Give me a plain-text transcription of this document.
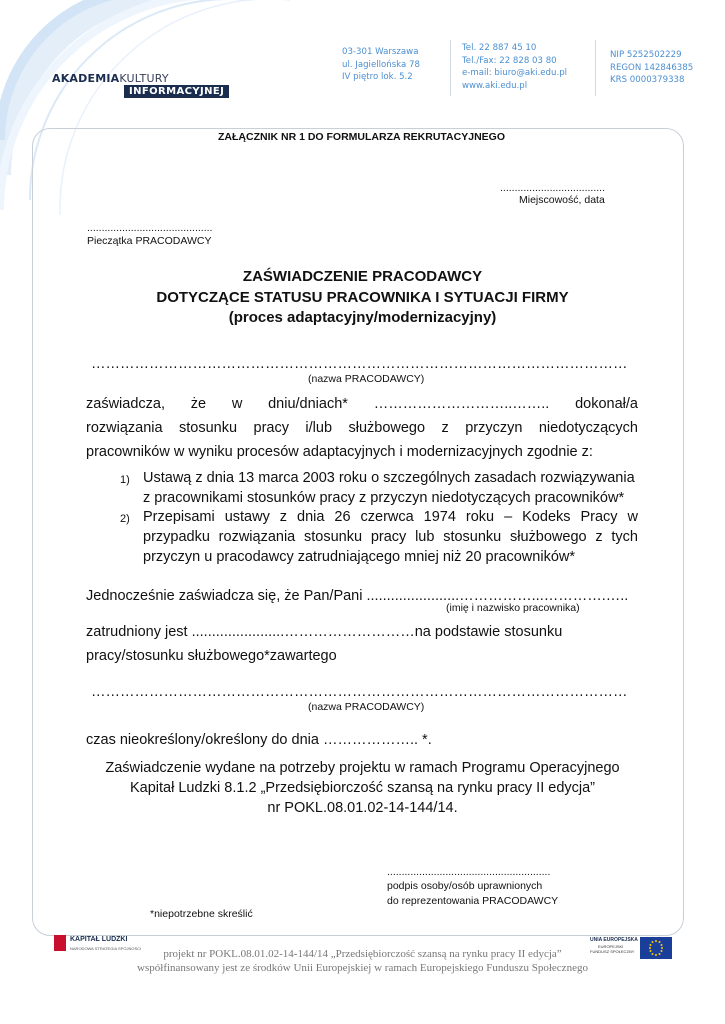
AKADEMIAKULTURY
INFORMACYJNEJ
03-301 Warszawa
ul. Jagiellońska 78
IV piętro lok. 5.2
Tel. 22 887 45 10
Tel./Fax: 22 828 03 80
e-mail: biuro@aki.edu.pl
www.aki.edu.pl
NIP 5252502229
REGON 142846385
KRS 0000379338
ZAŁĄCZNIK NR 1 DO FORMULARZA REKRUTACYJNEGO
....................................
Miejscowość, data
...........................................
Pieczątka PRACODAWCY
ZAŚWIADCZENIE PRACODAWCY
DOTYCZĄCE STATUSU PRACOWNIKA I SYTUACJI FIRMY
(proces adaptacyjny/modernizacyjny)
…………………………………………………………………………………………………
(nazwa PRACODAWCY)
zaświadcza, że w dniu/dniach* ………………………..…….. dokonał/a
rozwiązania stosunku pracy i/lub służbowego z przyczyn niedotyczących
pracowników w wyniku procesów adaptacyjnych i modernizacyjnych zgodnie z:
1) Ustawą z dnia 13 marca 2003 roku o szczególnych zasadach rozwiązywania
z pracownikami stosunków pracy z przyczyn niedotyczących pracowników*
2) Przepisami ustawy z dnia 26 czerwca 1974 roku – Kodeks Pracy w
przypadku rozwiązania stosunku pracy lub stosunku służbowego z tych
przyczyn u pracodawcy zatrudniającego mniej niż 20 pracowników*
Jednocześnie zaświadcza się, że Pan/Pani .......................……………...………….…..
(imię i nazwisko pracownika)
zatrudniony jest .......................………………………na podstawie stosunku
pracy/stosunku służbowego*zawartego
…………………………………………………………………………………………………
(nazwa PRACODAWCY)
czas nieokreślony/określony do dnia ……………….. *.
Zaświadczenie wydane na potrzeby projektu w ramach Programu Operacyjnego
Kapitał Ludzki 8.1.2 „Przedsiębiorczość szansą na rynku pracy II edycja”
nr POKL.08.01.02-14-144/14.
........................................................
podpis osoby/osób uprawnionych
do reprezentowania PRACODAWCY
*niepotrzebne skreślić
KAPITAŁ LUDZKI
NARODOWA STRATEGIA SPÓJNOŚCI
UNIA EUROPEJSKA
EUROPEJSKI
FUNDUSZ SPOŁECZNY
projekt nr POKL.08.01.02-14-144/14 „Przedsiębiorczość szansą na rynku pracy II edycja”
współfinansowany jest ze środków Unii Europejskiej w ramach Europejskiego Funduszu Społecznego
